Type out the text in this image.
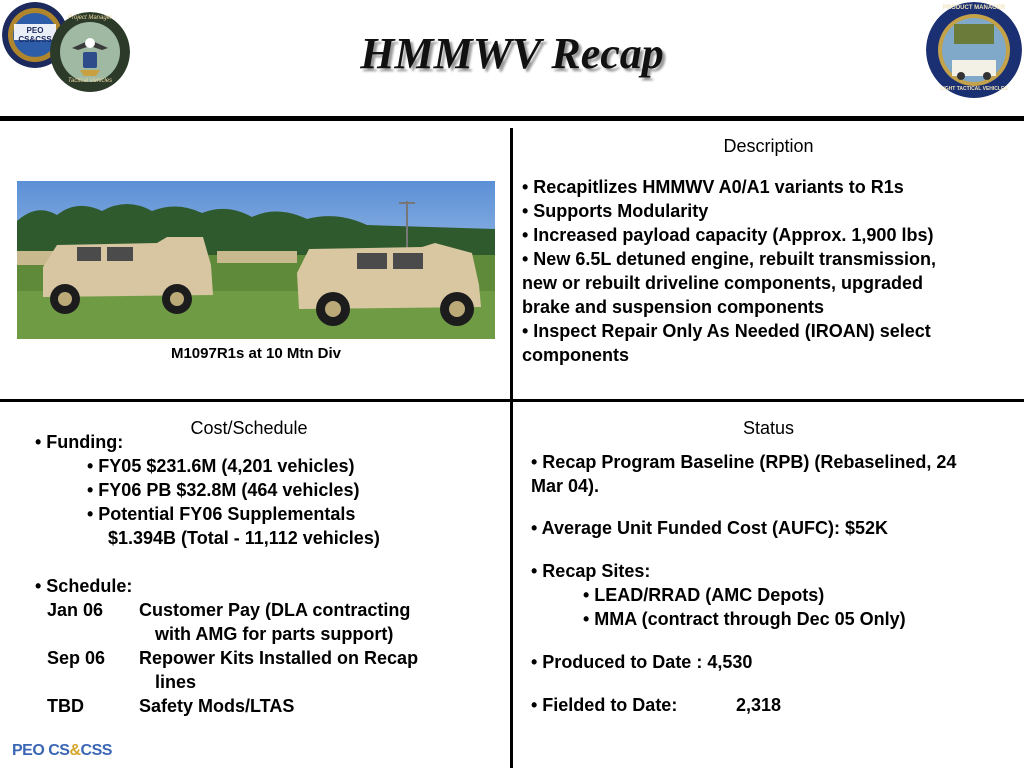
PEO CS&CSS
Project Manager
Tactical Vehicles
PRODUCT MANAGER
LIGHT TACTICAL VEHICLES
HMMWV Recap
M1097R1s at 10 Mtn Div
Description

• Recapitlizes HMMWV A0/A1 variants to R1s

• Supports Modularity

• Increased payload capacity (Approx. 1,900 lbs)

• New 6.5L detuned engine, rebuilt transmission,

new or rebuilt driveline components, upgraded

brake and suspension components

• Inspect Repair Only As Needed (IROAN) select

components

Cost/Schedule

• Funding:

• FY05 $231.6M (4,201 vehicles)

• FY06 PB $32.8M (464 vehicles)

• Potential FY06 Supplementals

$1.394B (Total - 11,112 vehicles)

• Schedule:

Jan 06	Customer Pay (DLA contracting

with AMG for parts support)

Sep 06	Repower Kits Installed on Recap

lines

TBD	Safety Mods/LTAS
Status

• Recap Program Baseline (RPB) (Rebaselined, 24

Mar 04).

• Average Unit Funded Cost (AUFC): $52K

• Recap Sites:

• LEAD/RRAD (AMC Depots)

• MMA (contract through Dec 05 Only)

• Produced to Date : 4,530

• Fielded to Date:	2,318

PEO CS&CSS
